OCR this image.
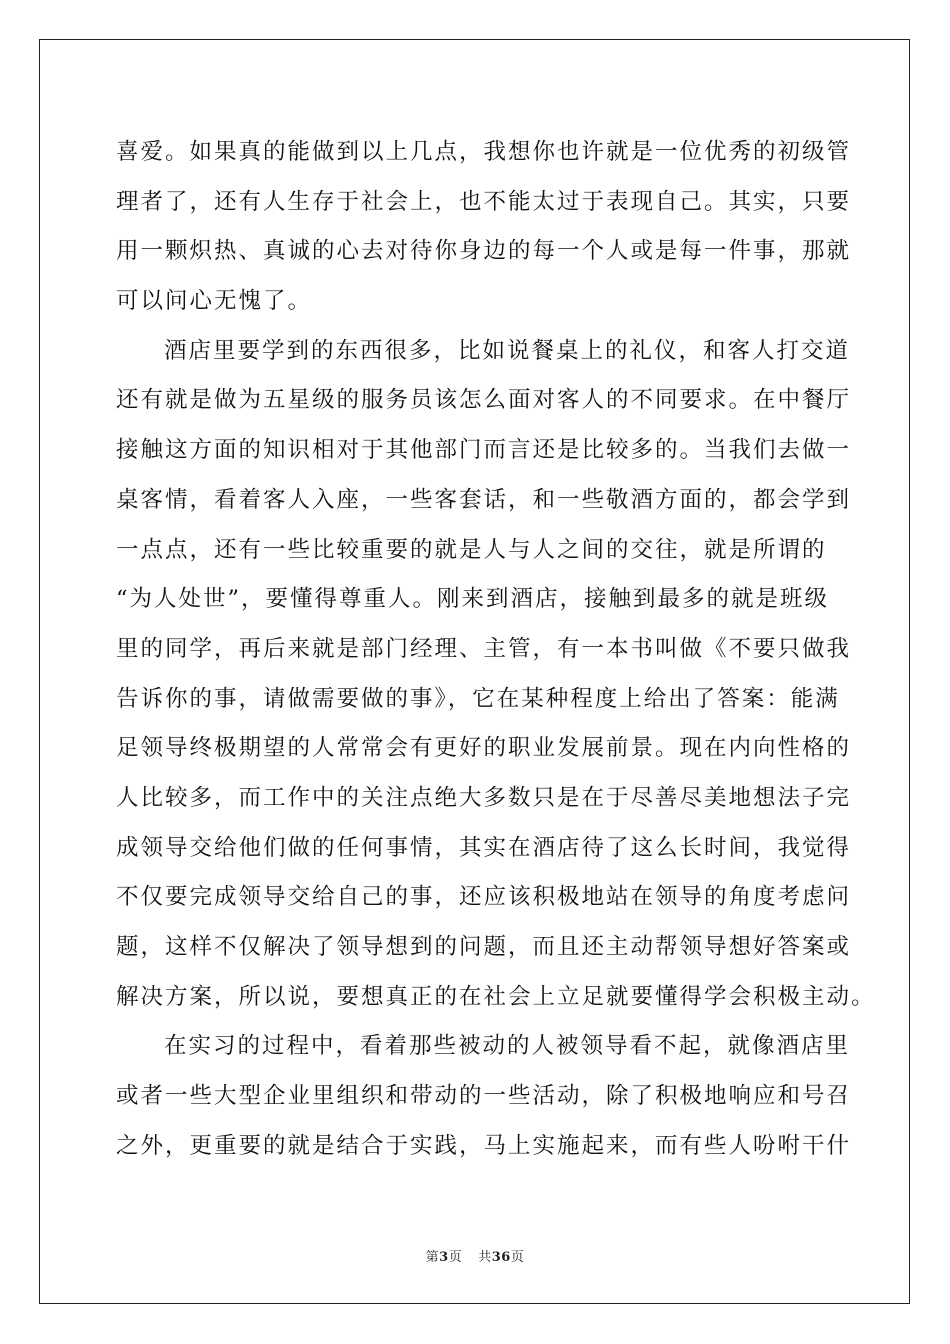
喜爱。如果真的能做到以上几点，我想你也许就是一位优秀的初级管
理者了，还有人生存于社会上，也不能太过于表现自己。其实，只要
用一颗炽热、真诚的心去对待你身边的每一个人或是每一件事，那就
可以问心无愧了。
酒店里要学到的东西很多，比如说餐桌上的礼仪，和客人打交道
还有就是做为五星级的服务员该怎么面对客人的不同要求。在中餐厅
接触这方面的知识相对于其他部门而言还是比较多的。当我们去做一
桌客情，看着客人入座，一些客套话，和一些敬酒方面的，都会学到
一点点，还有一些比较重要的就是人与人之间的交往，就是所谓的
“为人处世”，要懂得尊重人。刚来到酒店，接触到最多的就是班级
里的同学，再后来就是部门经理、主管，有一本书叫做《不要只做我
告诉你的事，请做需要做的事》，它在某种程度上给出了答案：能满
足领导终极期望的人常常会有更好的职业发展前景。现在内向性格的
人比较多，而工作中的关注点绝大多数只是在于尽善尽美地想法子完
成领导交给他们做的任何事情，其实在酒店待了这么长时间，我觉得
不仅要完成领导交给自己的事，还应该积极地站在领导的角度考虑问
题，这样不仅解决了领导想到的问题，而且还主动帮领导想好答案或
解决方案，所以说，要想真正的在社会上立足就要懂得学会积极主动。
在实习的过程中，看着那些被动的人被领导看不起，就像酒店里
或者一些大型企业里组织和带动的一些活动，除了积极地响应和号召
之外，更重要的就是结合于实践，马上实施起来，而有些人吩咐干什
第3页 共36页
